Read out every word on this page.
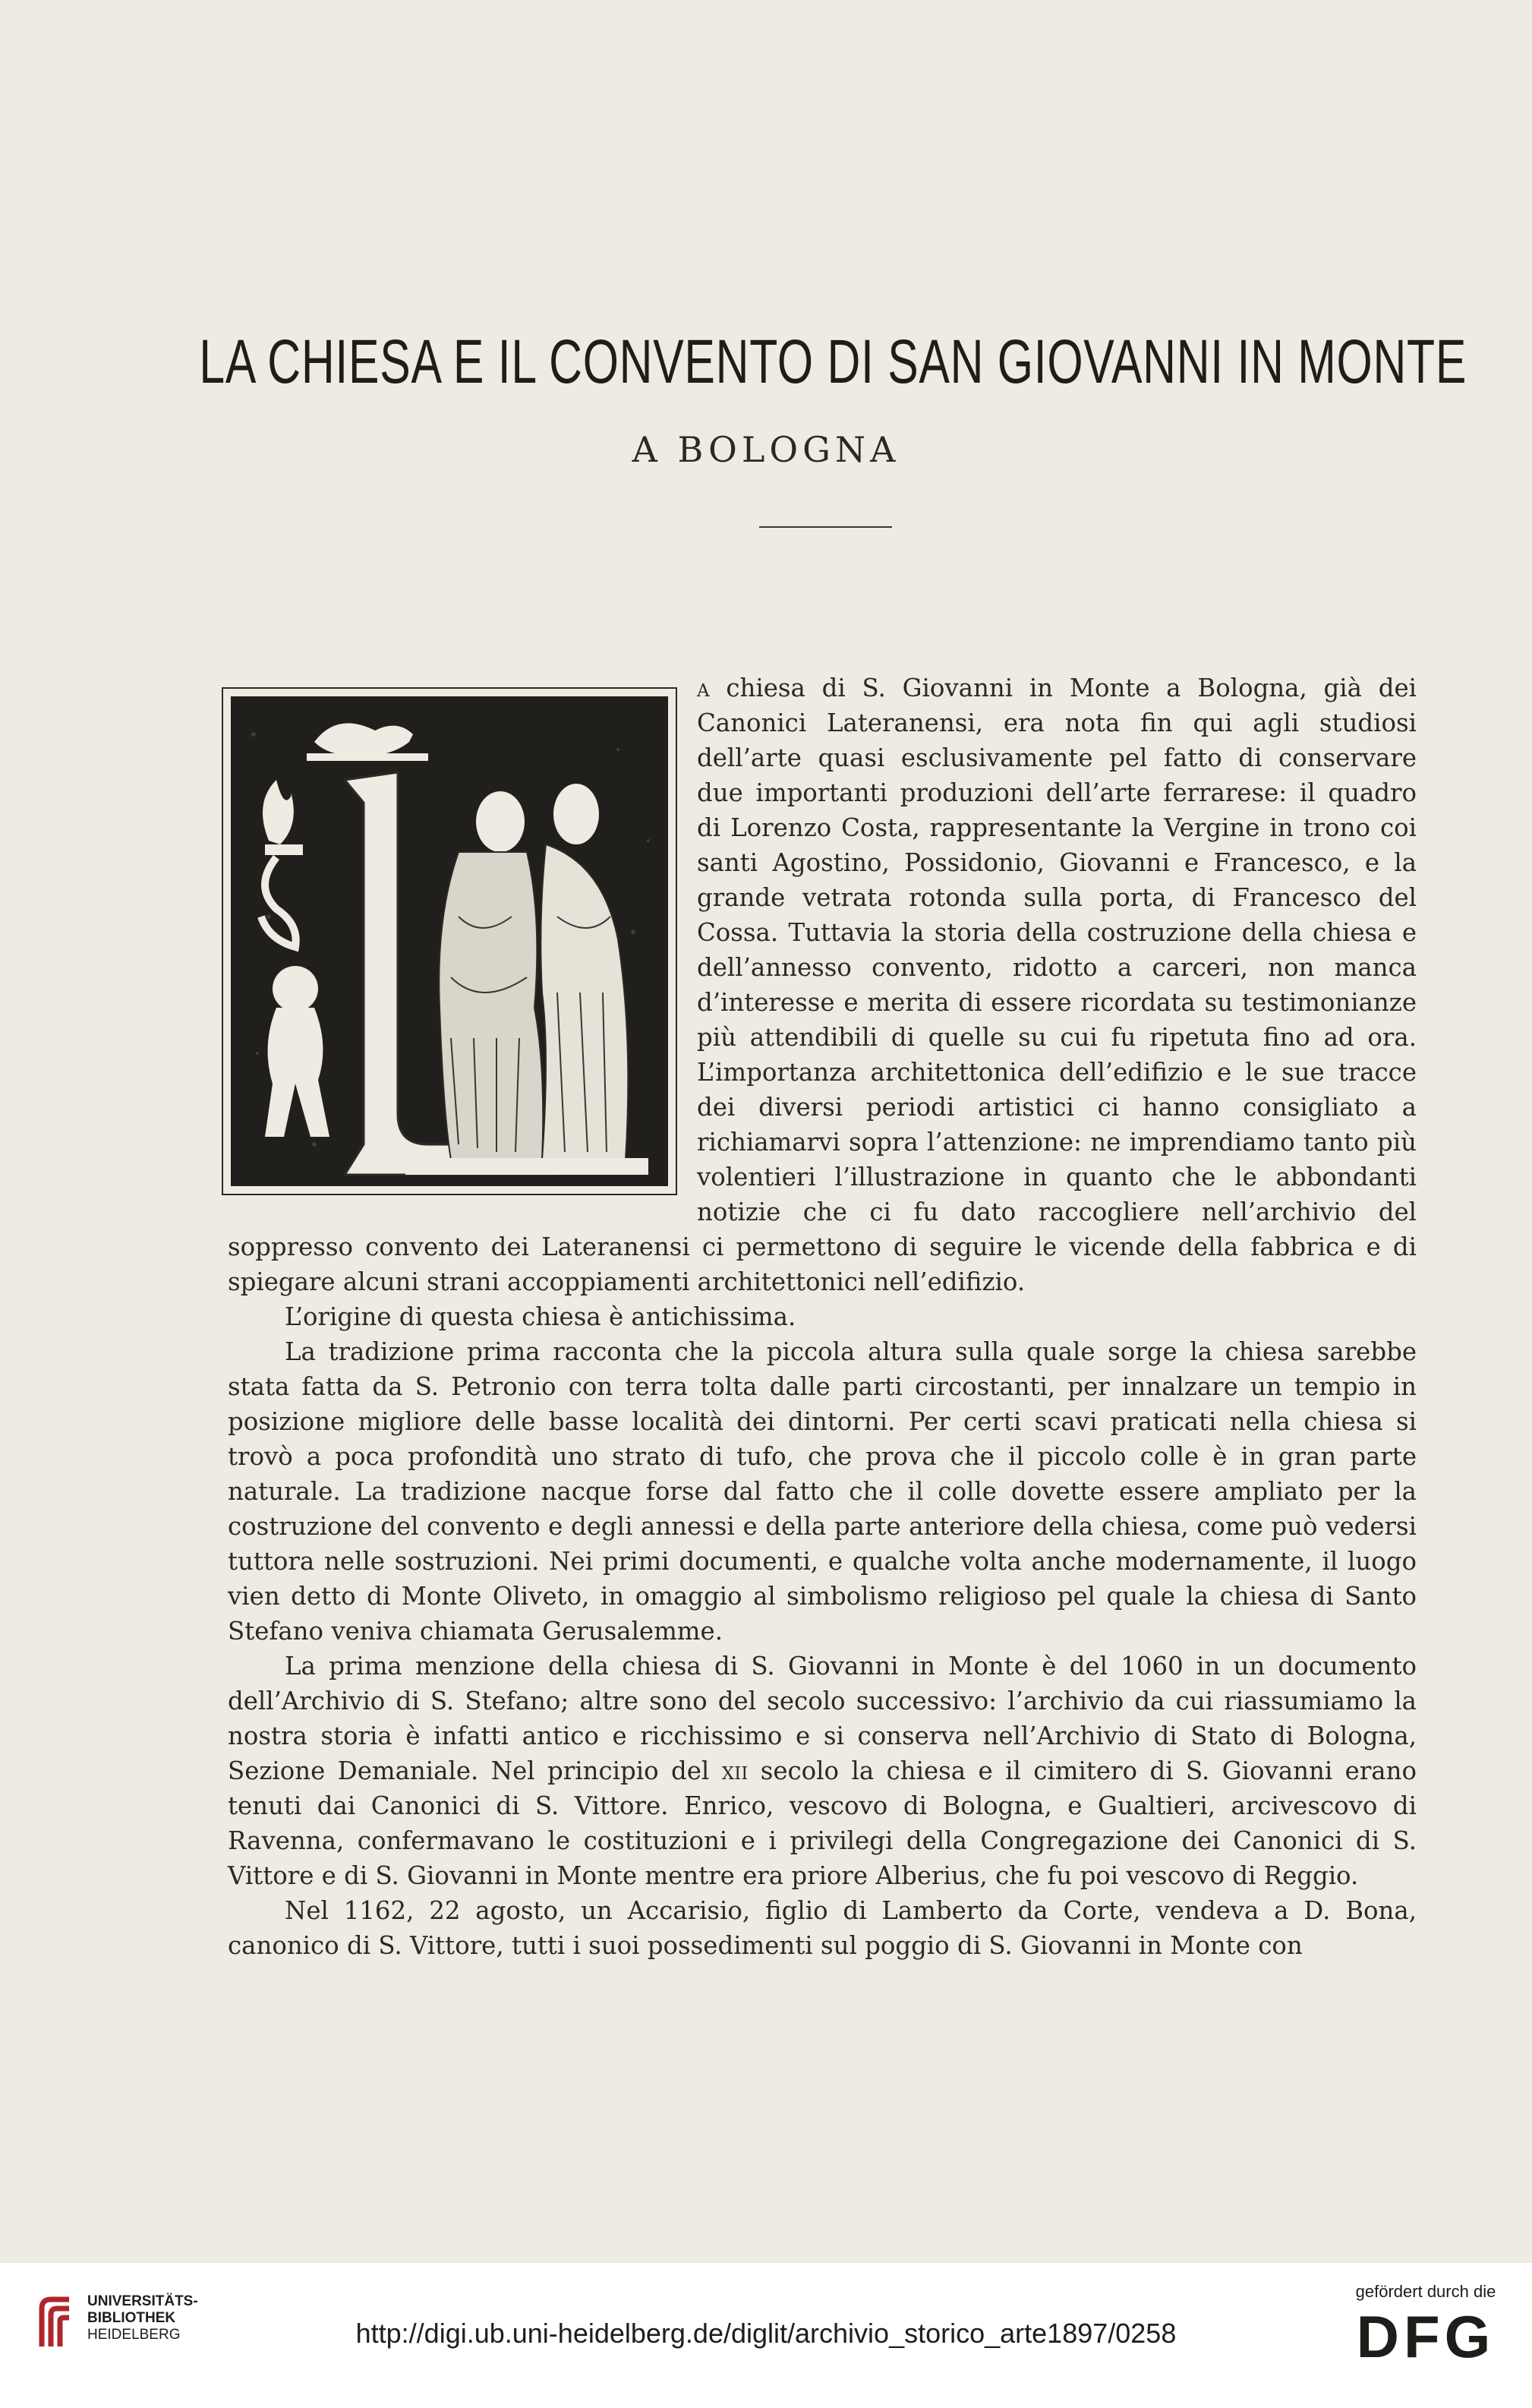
LA CHIESA E IL CONVENTO DI SAN GIOVANNI IN MONTE
A BOLOGNA

a chiesa di S. Giovanni in Monte a Bologna, già dei Canonici Lateranensi, era nota fin qui agli studiosi dell’arte quasi esclusivamente pel fatto di conservare due importanti produzioni dell’arte ferrarese: il quadro di Lorenzo Costa, rappresentante la Vergine in trono coi santi Agostino, Possidonio, Giovanni e Francesco, e la grande vetrata rotonda sulla porta, di Francesco del Cossa. Tuttavia la storia della costruzione della chiesa e dell’annesso convento, ridotto a carceri, non manca d’interesse e merita di essere ricordata su testimonianze più attendibili di quelle su cui fu ripetuta fino ad ora. L’importanza architettonica dell’edifizio e le sue tracce dei diversi periodi artistici ci hanno consigliato a richiamarvi sopra l’attenzione: ne imprendiamo tanto più volentieri l’illustrazione in quanto che le abbondanti notizie che ci fu dato raccogliere nell’archivio del soppresso convento dei Lateranensi ci permettono di seguire le vicende della fabbrica e di spiegare alcuni strani accoppiamenti architettonici nell’edifizio.

L’origine di questa chiesa è antichissima.

La tradizione prima racconta che la piccola altura sulla quale sorge la chiesa sarebbe stata fatta da S. Petronio con terra tolta dalle parti circostanti, per innalzare un tempio in posizione migliore delle basse località dei dintorni. Per certi scavi praticati nella chiesa si trovò a poca profondità uno strato di tufo, che prova che il piccolo colle è in gran parte naturale. La tradizione nacque forse dal fatto che il colle dovette essere ampliato per la costruzione del convento e degli annessi e della parte anteriore della chiesa, come può vedersi tuttora nelle sostruzioni. Nei primi documenti, e qualche volta anche modernamente, il luogo vien detto di Monte Oliveto, in omaggio al simbolismo religioso pel quale la chiesa di Santo Stefano veniva chiamata Gerusalemme.

La prima menzione della chiesa di S. Giovanni in Monte è del 1060 in un documento dell’Archivio di S. Stefano; altre sono del secolo successivo: l’archivio da cui riassumiamo la nostra storia è infatti antico e ricchissimo e si conserva nell’Archivio di Stato di Bologna, Sezione Demaniale. Nel principio del xii secolo la chiesa e il cimitero di S. Giovanni erano tenuti dai Canonici di S. Vittore. Enrico, vescovo di Bologna, e Gualtieri, arcivescovo di Ravenna, confermavano le costituzioni e i privilegi della Congregazione dei Canonici di S. Vittore e di S. Giovanni in Monte mentre era priore Alberius, che fu poi vescovo di Reggio.

Nel 1162, 22 agosto, un Accarisio, figlio di Lamberto da Corte, vendeva a D. Bona, canonico di S. Vittore, tutti i suoi possedimenti sul poggio di S. Giovanni in Monte con

UNIVERSITÄTS-
BIBLIOTHEK
HEIDELBERG	http://digi.ub.uni-heidelberg.de/diglit/archivio_storico_arte1897/0258
gefördert durch die
DFG
